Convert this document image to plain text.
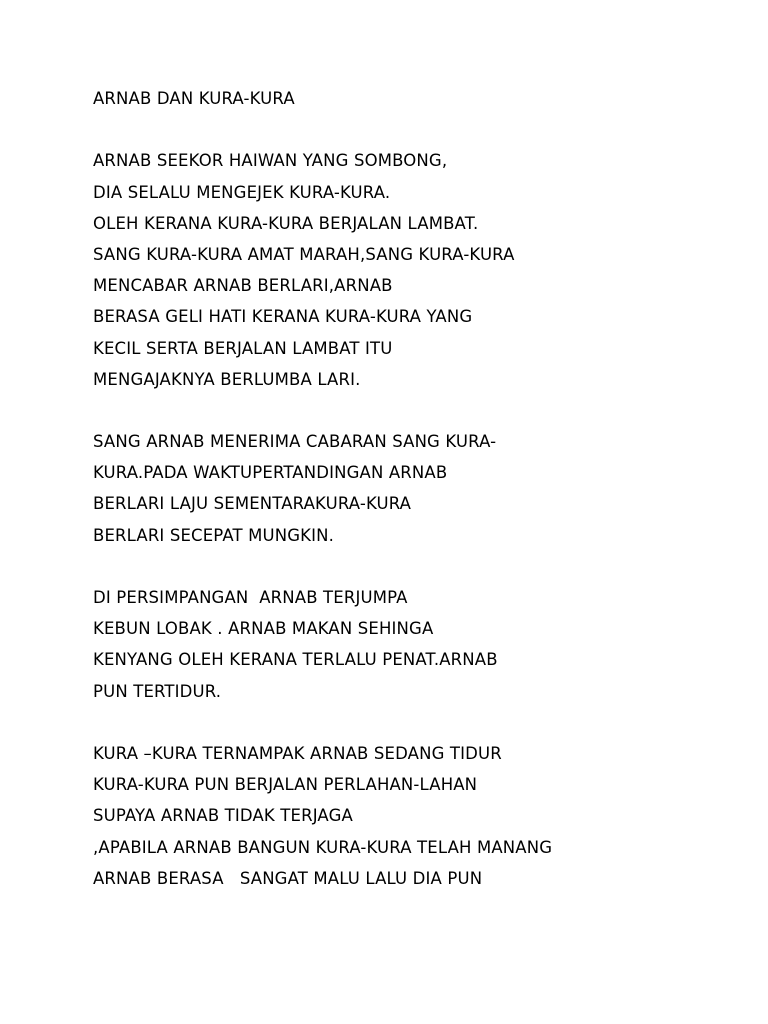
ARNAB DAN KURA-KURA
ARNAB SEEKOR HAIWAN YANG SOMBONG,
DIA SELALU MENGEJEK KURA-KURA.
OLEH KERANA KURA-KURA BERJALAN LAMBAT.
SANG KURA-KURA AMAT MARAH,SANG KURA-KURA
MENCABAR ARNAB BERLARI,ARNAB
BERASA GELI HATI KERANA KURA-KURA YANG
KECIL SERTA BERJALAN LAMBAT ITU
MENGAJAKNYA BERLUMBA LARI.
SANG ARNAB MENERIMA CABARAN SANG KURA-
KURA.PADA WAKTUPERTANDINGAN ARNAB
BERLARI LAJU SEMENTARAKURA-KURA
BERLARI SECEPAT MUNGKIN.
DI PERSIMPANGAN  ARNAB TERJUMPA
KEBUN LOBAK . ARNAB MAKAN SEHINGA
KENYANG OLEH KERANA TERLALU PENAT.ARNAB
PUN TERTIDUR.
KURA –KURA TERNAMPAK ARNAB SEDANG TIDUR
KURA-KURA PUN BERJALAN PERLAHAN-LAHAN
SUPAYA ARNAB TIDAK TERJAGA
,APABILA ARNAB BANGUN KURA-KURA TELAH MANANG
ARNAB BERASA   SANGAT MALU LALU DIA PUN
